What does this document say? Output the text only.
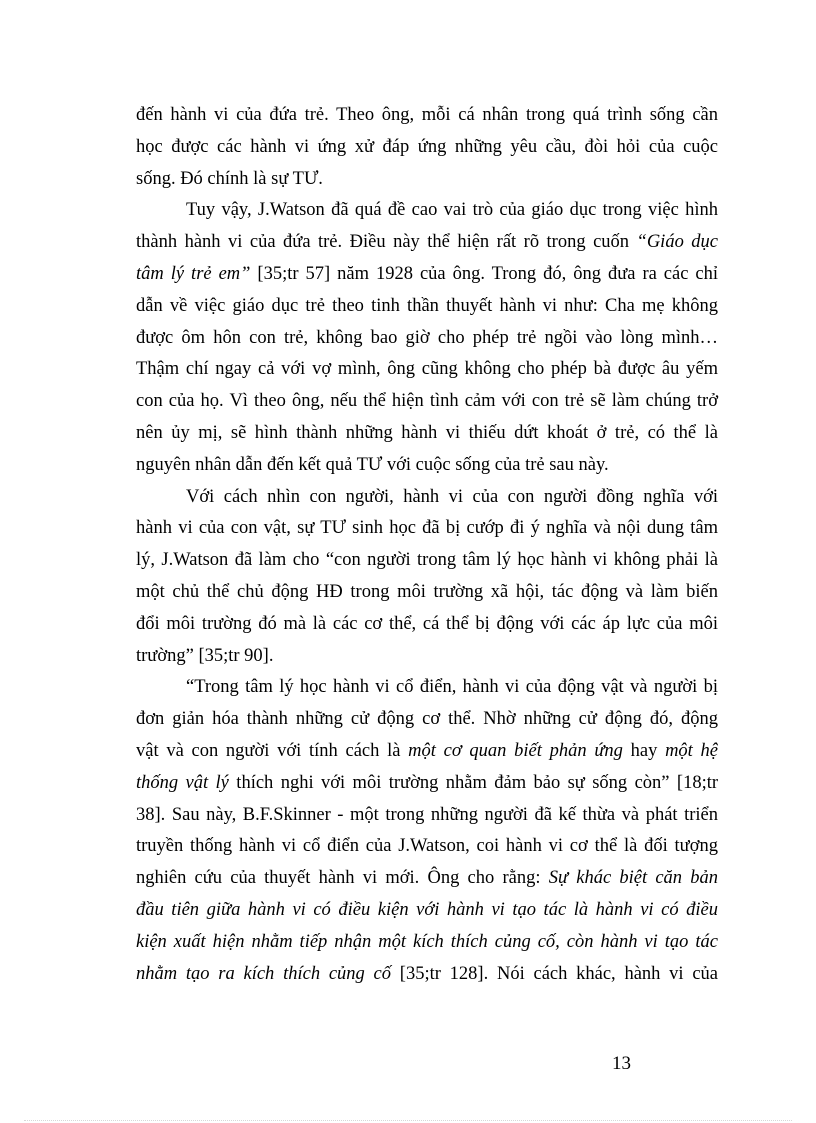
đến hành vi của đứa trẻ. Theo ông, mỗi cá nhân trong quá trình sống cần
học được các hành vi ứng xử đáp ứng những yêu cầu, đòi hỏi của cuộc
sống. Đó chính là sự TƯ.
Tuy vậy, J.Watson đã quá đề cao vai trò của giáo dục trong việc hình
thành hành vi của đứa trẻ. Điều này thể hiện rất rõ trong cuốn “Giáo dục
tâm lý trẻ em” [35;tr 57] năm 1928 của ông. Trong đó, ông đưa ra các chỉ
dẫn về việc giáo dục trẻ theo tinh thần thuyết hành vi như: Cha mẹ không
được ôm hôn con trẻ, không bao giờ cho phép trẻ ngồi vào lòng mình…
Thậm chí ngay cả với vợ mình, ông cũng không cho phép bà được âu yếm
con của họ. Vì theo ông, nếu thể hiện tình cảm với con trẻ sẽ làm chúng trở
nên ủy mị, sẽ hình thành những hành vi thiếu dứt khoát ở trẻ, có thể là
nguyên nhân dẫn đến kết quả TƯ với cuộc sống của trẻ sau này.
Với cách nhìn con người, hành vi của con người đồng nghĩa với
hành vi của con vật, sự TƯ sinh học đã bị cướp đi ý nghĩa và nội dung tâm
lý, J.Watson đã làm cho “con người trong tâm lý học hành vi không phải là
một chủ thể chủ động HĐ trong môi trường xã hội, tác động và làm biến
đổi môi trường đó mà là các cơ thể, cá thể bị động với các áp lực của môi
trường” [35;tr 90].
“Trong tâm lý học hành vi cổ điển, hành vi của động vật và người bị
đơn giản hóa thành những cử động cơ thể. Nhờ những cử động đó, động
vật và con người với tính cách là một cơ quan biết phản ứng hay một hệ
thống vật lý thích nghi với môi trường nhằm đảm bảo sự sống còn” [18;tr
38]. Sau này, B.F.Skinner - một trong những người đã kế thừa và phát triển
truyền thống hành vi cổ điển của J.Watson, coi hành vi cơ thể là đối tượng
nghiên cứu của thuyết hành vi mới. Ông cho rằng: Sự khác biệt căn bản
đầu tiên giữa hành vi có điều kiện với hành vi tạo tác là hành vi có điều
kiện xuất hiện nhằm tiếp nhận một kích thích củng cố, còn hành vi tạo tác
nhằm tạo ra kích thích củng cố [35;tr 128]. Nói cách khác, hành vi của
13
